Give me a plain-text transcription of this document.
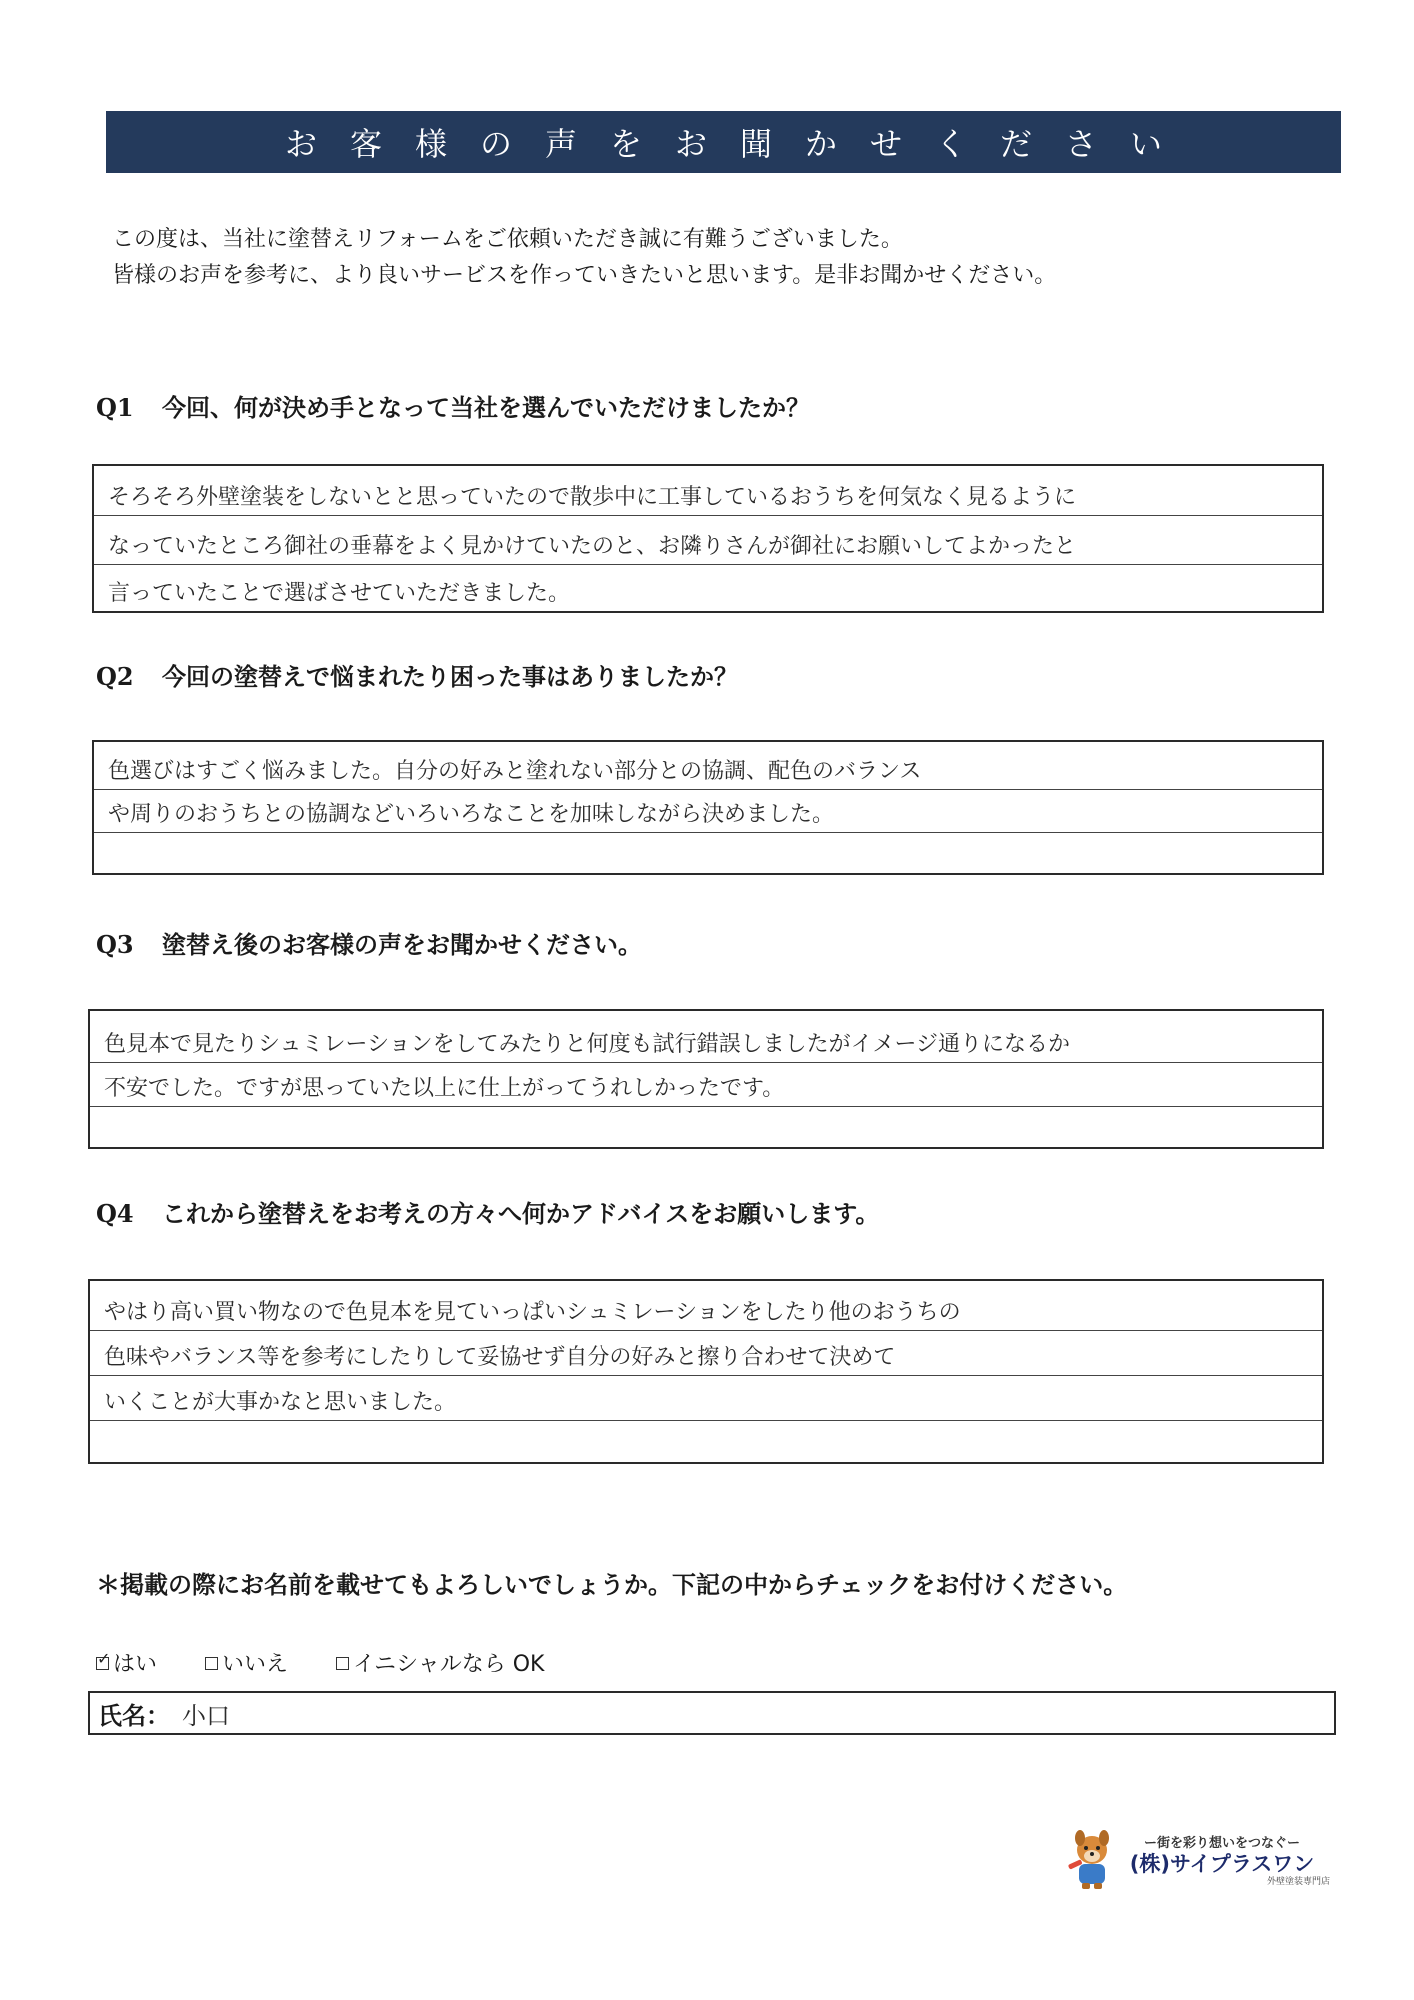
お客様の声をお聞かせください
この度は、当社に塗替えリフォームをご依頼いただき誠に有難うございました。
皆様のお声を参考に、より良いサービスを作っていきたいと思います。是非お聞かせください。
Q1 今回、何が決め手となって当社を選んでいただけましたか？
そろそろ外壁塗装をしないとと思っていたので散歩中に工事しているおうちを何気なく見るように
なっていたところ御社の垂幕をよく見かけていたのと、お隣りさんが御社にお願いしてよかったと
言っていたことで選ばさせていただきました。
Q2 今回の塗替えで悩まれたり困った事はありましたか？
色選びはすごく悩みました。自分の好みと塗れない部分との協調、配色のバランス
や周りのおうちとの協調などいろいろなことを加味しながら決めました。
Q3 塗替え後のお客様の声をお聞かせください。
色見本で見たりシュミレーションをしてみたりと何度も試行錯誤しましたがイメージ通りになるか
不安でした。ですが思っていた以上に仕上がってうれしかったです。
Q4 これから塗替えをお考えの方々へ何かアドバイスをお願いします。
やはり高い買い物なので色見本を見ていっぱいシュミレーションをしたり他のおうちの
色味やバランス等を参考にしたりして妥協せず自分の好みと擦り合わせて決めて
いくことが大事かなと思いました。
＊掲載の際にお名前を載せてもよろしいでしょうか。下記の中からチェックをお付けください。
✓
はい	いいえ	イニシャルなら OK
氏名： 小口
ー街を彩り想いをつなぐー
(株)サイプラスワン
外壁塗装専門店
